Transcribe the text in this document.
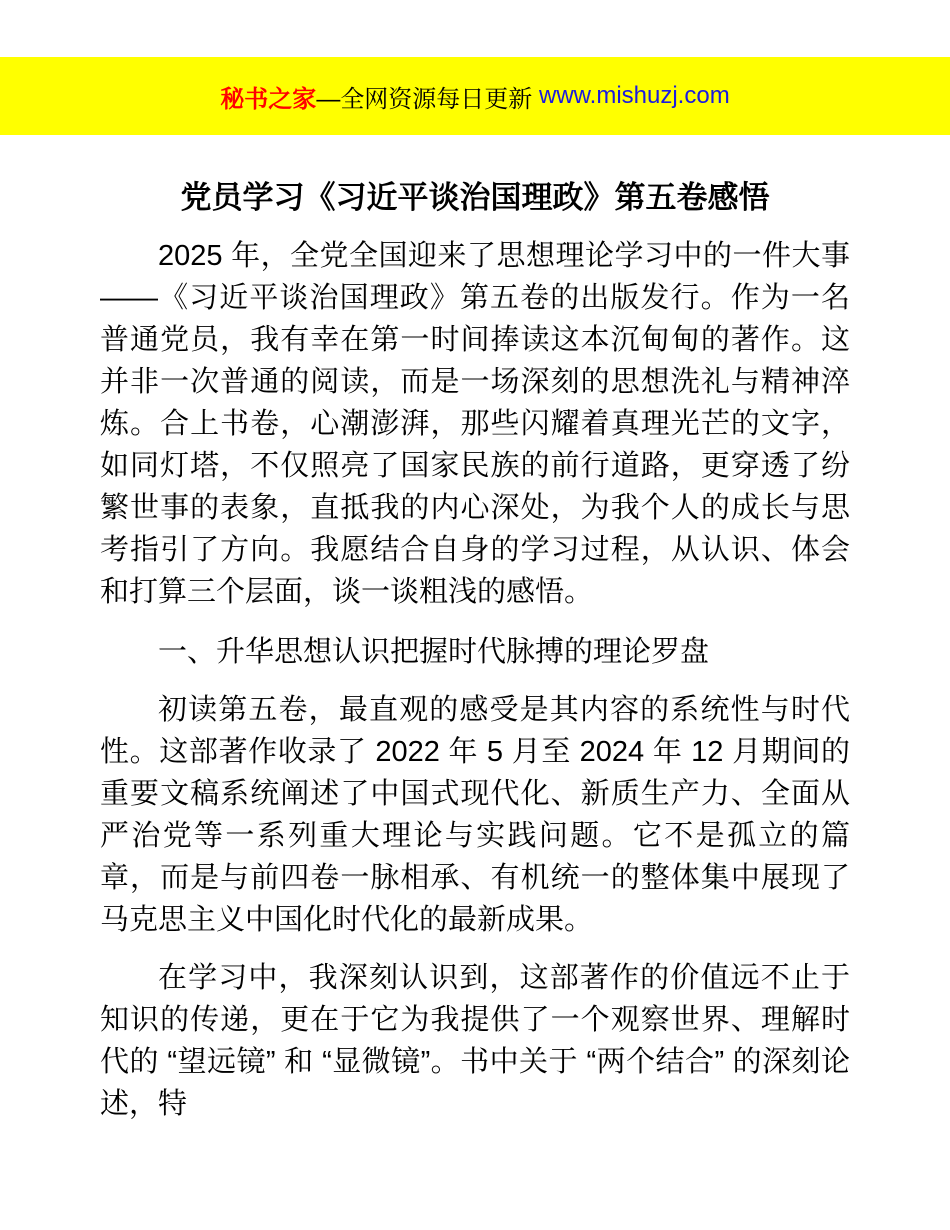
秘书之家 —全网资源每日更新 www.mishuzj.com
党员学习《习近平谈治国理政》第五卷感悟

2025 年，全党全国迎来了思想理论学习中的一件大事——《习近平谈治国理政》第五卷的出版发行。作为一名普通党员，我有幸在第一时间捧读这本沉甸甸的著作。这并非一次普通的阅读，而是一场深刻的思想洗礼与精神淬炼。合上书卷，心潮澎湃，那些闪耀着真理光芒的文字，如同灯塔，不仅照亮了国家民族的前行道路，更穿透了纷繁世事的表象，直抵我的内心深处，为我个人的成长与思考指引了方向。我愿结合自身的学习过程，从认识、体会和打算三个层面，谈一谈粗浅的感悟。

一、升华思想认识把握时代脉搏的理论罗盘

初读第五卷，最直观的感受是其内容的系统性与时代性。这部著作收录了 2022 年 5 月至 2024 年 12 月期间的重要文稿系统阐述了中国式现代化、新质生产力、全面从严治党等一系列重大理论与实践问题。它不是孤立的篇章，而是与前四卷一脉相承、有机统一的整体集中展现了马克思主义中国化时代化的最新成果。

在学习中，我深刻认识到，这部著作的价值远不止于知识的传递，更在于它为我提供了一个观察世界、理解时代的 “望远镜” 和 “显微镜”。书中关于 “两个结合” 的深刻论述，特
